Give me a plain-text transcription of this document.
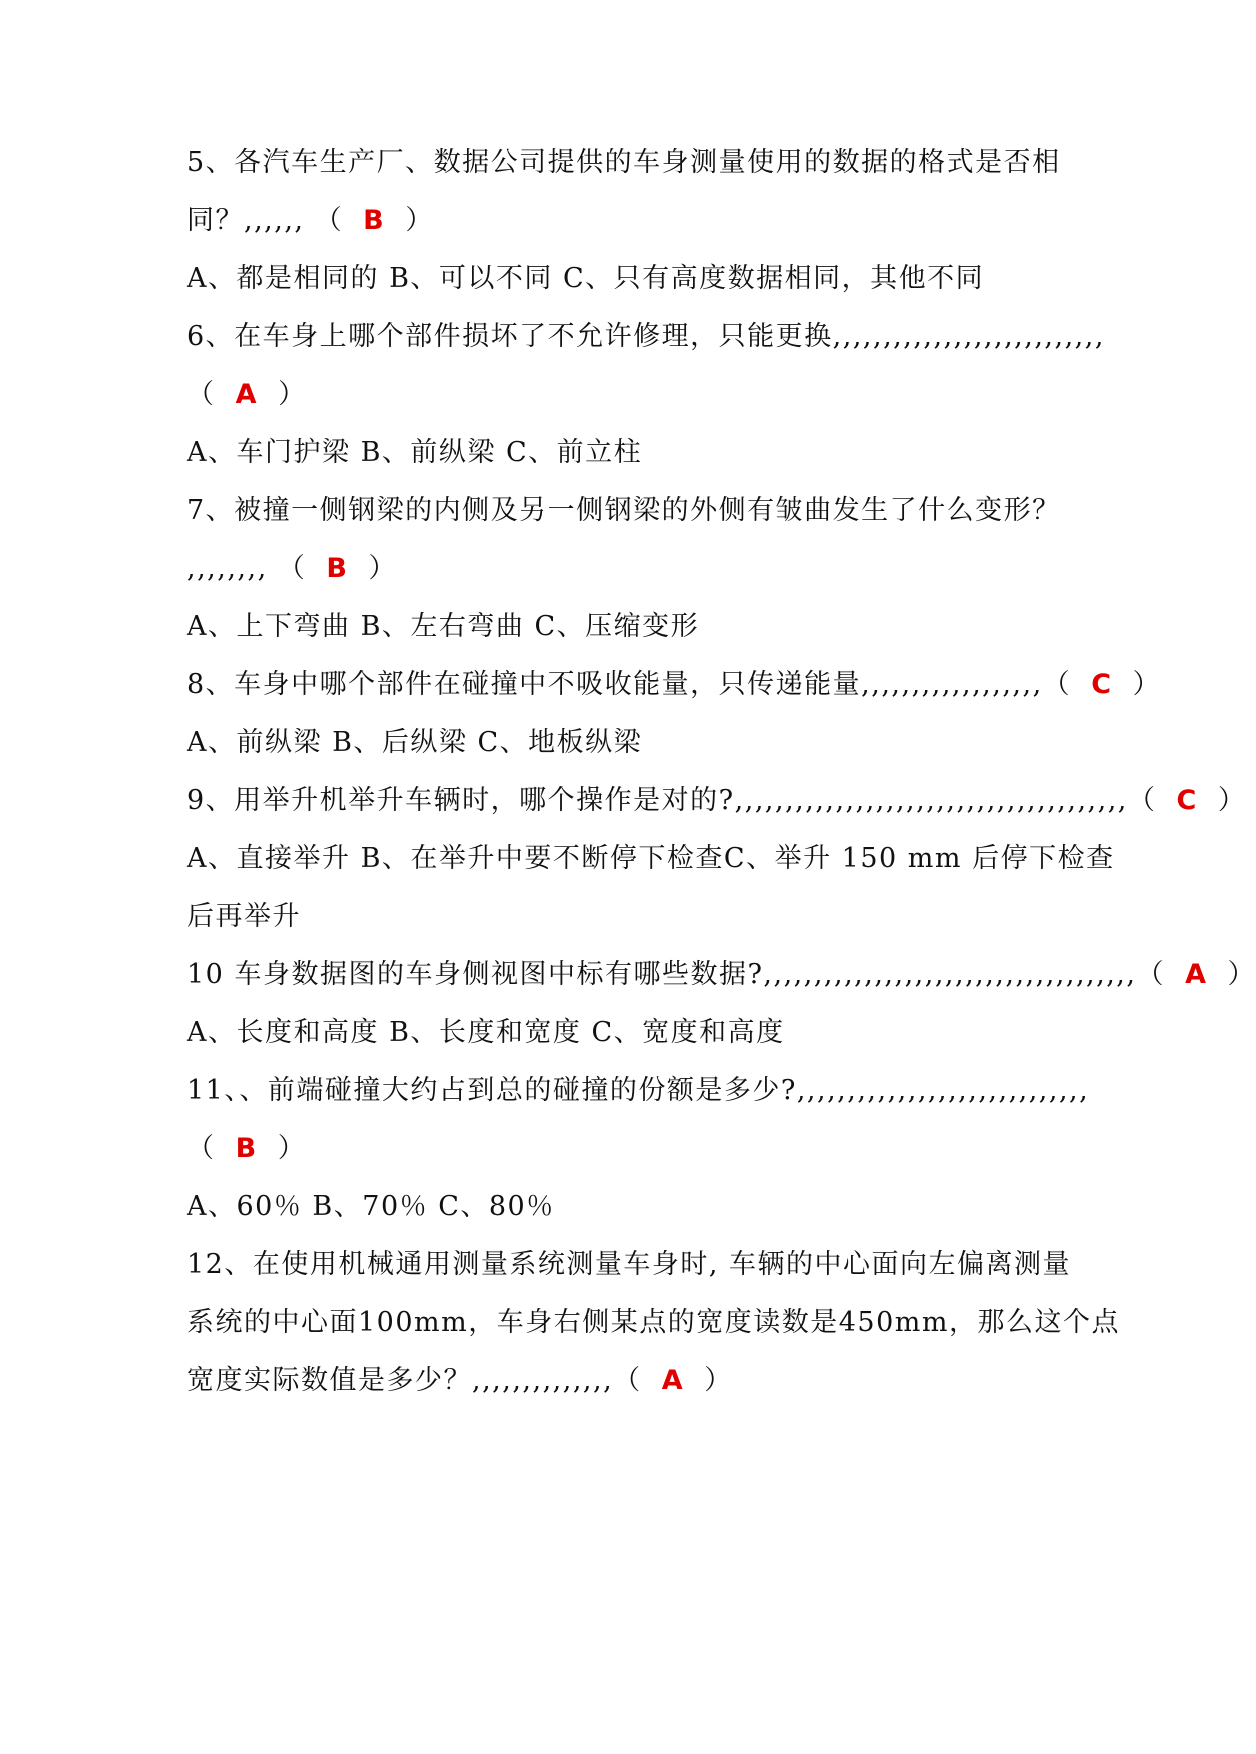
5、各汽车生产厂、数据公司提供的车身测量使用的数据的格式是否相
同？,,,,,, （ B ）
A、都是相同的 B、可以不同 C、只有高度数据相同，其他不同
6、在车身上哪个部件损坏了不允许修理，只能更换,,,,,,,,,,,,,,,,,,,,,,,,,,,
（ A ）
A、车门护梁 B、前纵梁 C、前立柱
7、被撞一侧钢梁的内侧及另一侧钢梁的外侧有皱曲发生了什么变形？
,,,,,,,, （ B ）
A、上下弯曲 B、左右弯曲 C、压缩变形
8、车身中哪个部件在碰撞中不吸收能量，只传递能量,,,,,,,,,,,,,,,,,,（ C ）
A、前纵梁 B、后纵梁 C、地板纵梁
9、用举升机举升车辆时，哪个操作是对的?,,,,,,,,,,,,,,,,,,,,,,,,,,,,,,,,,,,,,,,（ C ）
A、直接举升 B、在举升中要不断停下检查C、举升 150 mm 后停下检查
后再举升
10 车身数据图的车身侧视图中标有哪些数据?,,,,,,,,,,,,,,,,,,,,,,,,,,,,,,,,,,,,,（ A ）
A、长度和高度 B、长度和宽度 C、宽度和高度
11、、前端碰撞大约占到总的碰撞的份额是多少?,,,,,,,,,,,,,,,,,,,,,,,,,,,,,
（ B ）
A、60％ B、70％ C、80％
12、在使用机械通用测量系统测量车身时, 车辆的中心面向左偏离测量
系统的中心面100mm，车身右侧某点的宽度读数是450mm，那么这个点
宽度实际数值是多少？,,,,,,,,,,,,,,（ A ）
